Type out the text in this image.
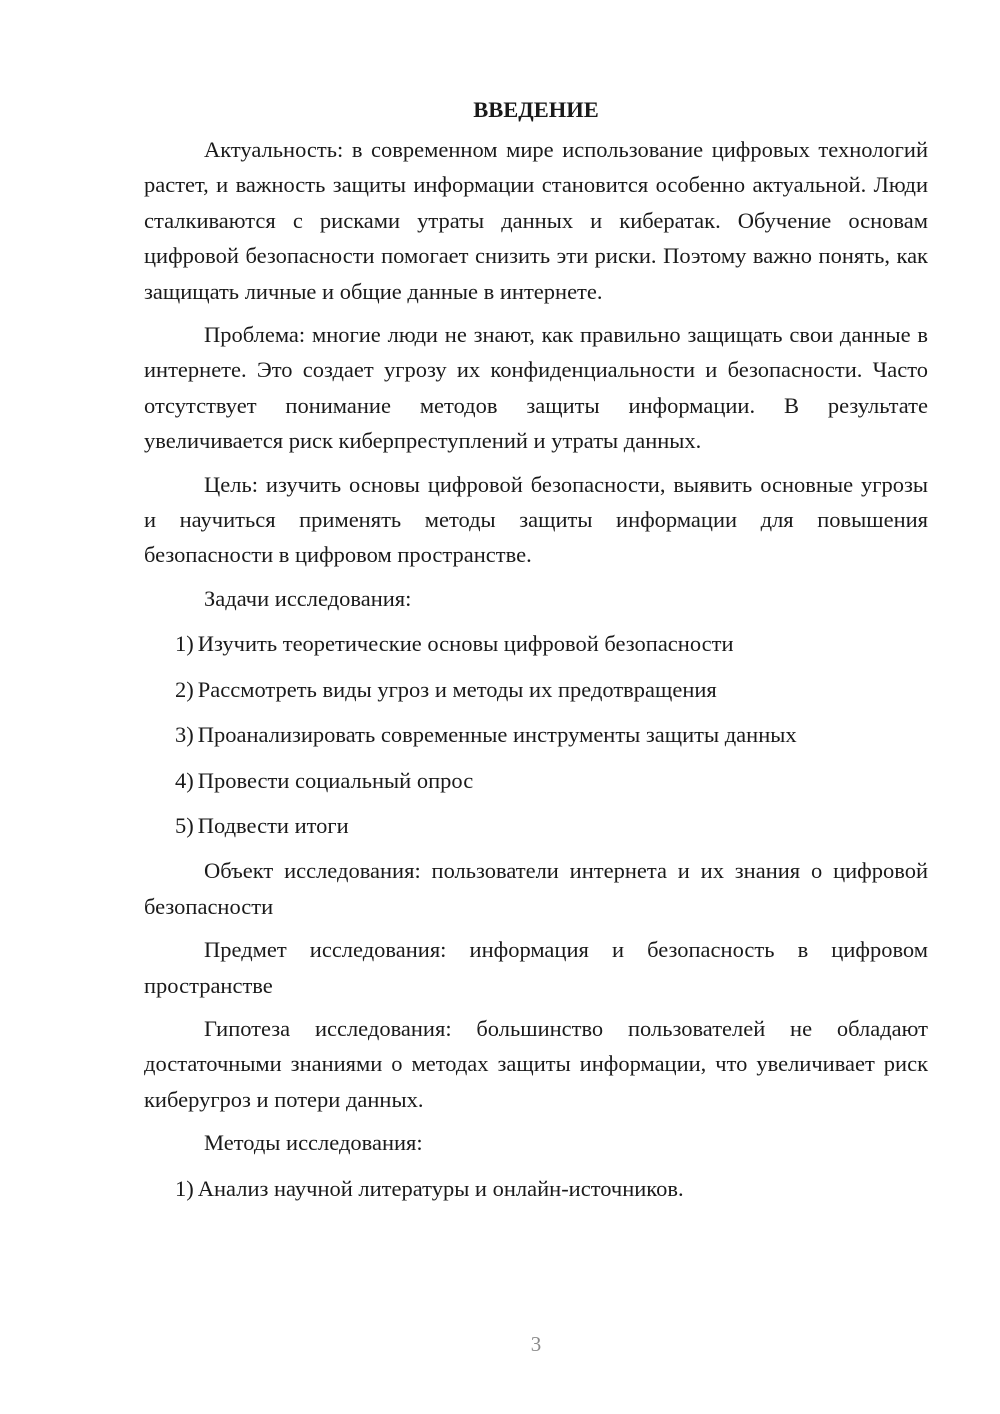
ВВЕДЕНИЕ

Актуальность: в современном мире использование цифровых технологий растет, и важность защиты информации становится особенно актуальной. Люди сталкиваются с рисками утраты данных и кибератак. Обучение основам цифровой безопасности помогает снизить эти риски. Поэтому важно понять, как защищать личные и общие данные в интернете.

Проблема: многие люди не знают, как правильно защищать свои данные в интернете. Это создает угрозу их конфиденциальности и безопасности. Часто отсутствует понимание методов защиты информации. В результате увеличивается риск киберпреступлений и утраты данных.

Цель: изучить основы цифровой безопасности, выявить основные угрозы и научиться применять методы защиты информации для повышения безопасности в цифровом пространстве.

Задачи исследования:

1) Изучить теоретические основы цифровой безопасности
2) Рассмотреть виды угроз и методы их предотвращения
3) Проанализировать современные инструменты защиты данных
4) Провести социальный опрос
5) Подвести итоги

Объект исследования: пользователи интернета и их знания о цифровой безопасности

Предмет исследования: информация и безопасность в цифровом пространстве

Гипотеза исследования: большинство пользователей не обладают достаточными знаниями о методах защиты информации, что увеличивает риск киберугроз и потери данных.

Методы исследования:

1) Анализ научной литературы и онлайн-источников.
3
